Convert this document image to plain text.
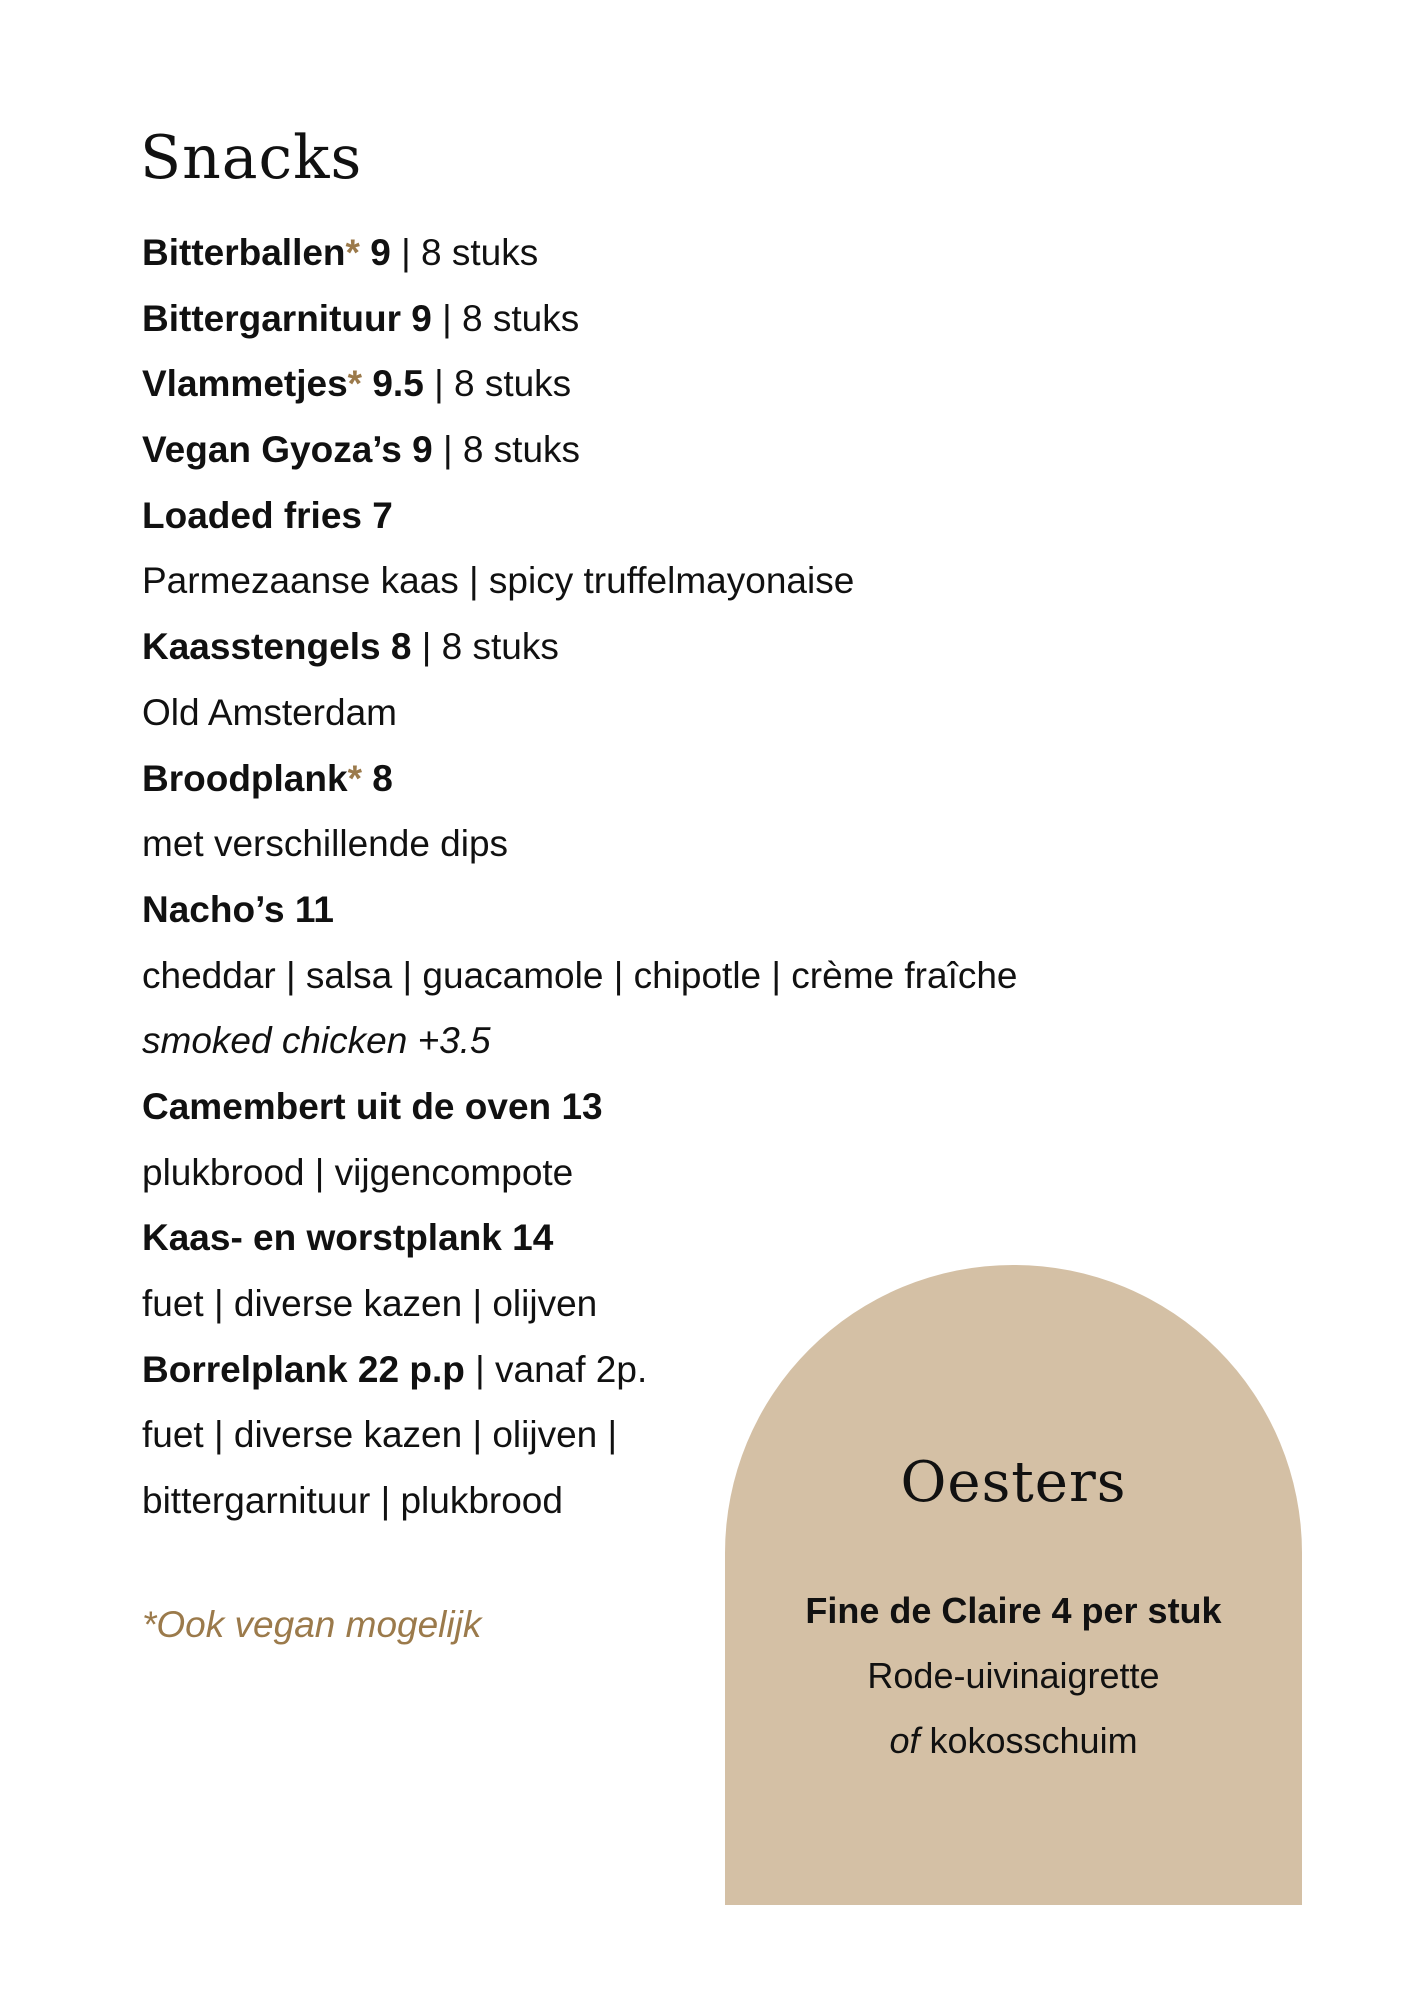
Snacks
Bitterballen* 9 | 8 stuks
Bittergarnituur 9 | 8 stuks
Vlammetjes* 9.5 | 8 stuks
Vegan Gyoza’s 9 | 8 stuks
Loaded fries 7
Parmezaanse kaas | spicy truffelmayonaise
Kaasstengels 8 | 8 stuks
Old Amsterdam
Broodplank* 8
met verschillende dips
Nacho’s 11
cheddar | salsa | guacamole | chipotle | crème fraîche
smoked chicken +3.5
Camembert uit de oven 13
plukbrood | vijgencompote
Kaas- en worstplank 14
fuet | diverse kazen | olijven
Borrelplank 22 p.p | vanaf 2p.
fuet | diverse kazen | olijven |
bittergarnituur | plukbrood
*Ook vegan mogelijk
Oesters
Fine de Claire 4 per stuk
Rode-uivinaigrette
of kokosschuim
